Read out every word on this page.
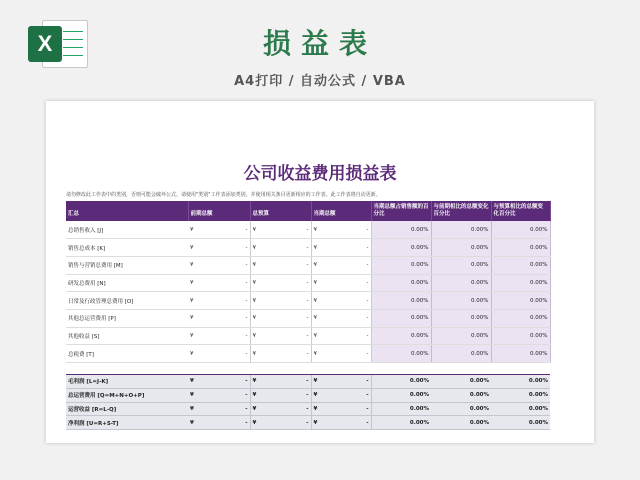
X	损益表
A4打印 / 自动公式 / VBA
公司收益费用损益表
请勿修改此工作表中的类别，否则可能会破坏公式。请使用"类别"工作表添加类别，并使用相关条目更新相应的工作表。此工作表将自动更新。
汇总	前期总额	总预算	当期总额	当期总额占销售额的百分比	与前期相比的总额变化百分比	与预算相比的总额变化百分比
总销售收入 [J]	¥ -	¥ -	¥ -	0.00%	0.00%	0.00%
销售总成本 [K]	¥ -	¥ -	¥ -	0.00%	0.00%	0.00%
销售与营销总费用 [M]	¥ -	¥ -	¥ -	0.00%	0.00%	0.00%
研发总费用 [N]	¥ -	¥ -	¥ -	0.00%	0.00%	0.00%
日常及行政管理总费用 [O]	¥ -	¥ -	¥ -	0.00%	0.00%	0.00%
其他总运营费用 [P]	¥ -	¥ -	¥ -	0.00%	0.00%	0.00%
其他收益 [S]	¥ -	¥ -	¥ -	0.00%	0.00%	0.00%
总税费 [T]	¥ -	¥ -	¥ -	0.00%	0.00%	0.00%

毛利润 [L=J-K]	¥ -	¥ -	¥ -	0.00%	0.00%	0.00%
总运营费用 [Q=M+N+O+P]	¥ -	¥ -	¥ -	0.00%	0.00%	0.00%
运营收益 [R=L-Q]	¥ -	¥ -	¥ -	0.00%	0.00%	0.00%
净利润 [U=R+S-T]	¥ -	¥ -	¥ -	0.00%	0.00%	0.00%
